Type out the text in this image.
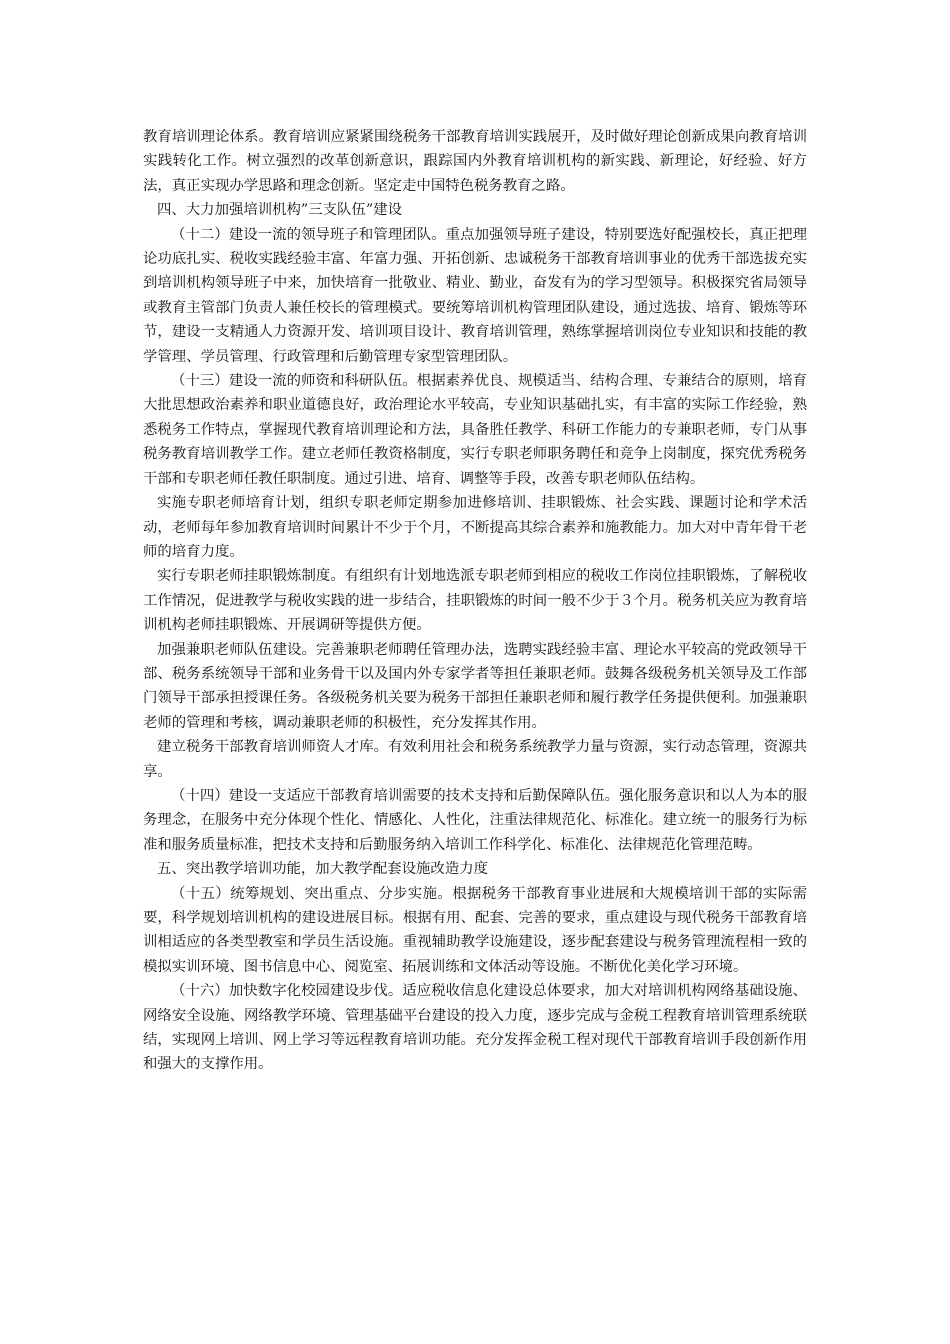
教育培训理论体系。教育培训应紧紧围绕税务干部教育培训实践展开，及时做好理论创新成果向教育培训实践转化工作。树立强烈的改革创新意识，跟踪国内外教育培训机构的新实践、新理论，好经验、好方法，真正实现办学思路和理念创新。坚定走中国特色税务教育之路。

四、大力加强培训机构”三支队伍”建设

（十二）建设一流的领导班子和管理团队。重点加强领导班子建设，特别要选好配强校长，真正把理论功底扎实、税收实践经验丰富、年富力强、开拓创新、忠诚税务干部教育培训事业的优秀干部选拔充实到培训机构领导班子中来，加快培育一批敬业、精业、勤业，奋发有为的学习型领导。积极探究省局领导或教育主管部门负责人兼任校长的管理模式。要统筹培训机构管理团队建设，通过选拔、培育、锻炼等环节，建设一支精通人力资源开发、培训项目设计、教育培训管理，熟练掌握培训岗位专业知识和技能的教学管理、学员管理、行政管理和后勤管理专家型管理团队。

（十三）建设一流的师资和科研队伍。根据素养优良、规模适当、结构合理、专兼结合的原则，培育大批思想政治素养和职业道德良好，政治理论水平较高，专业知识基础扎实，有丰富的实际工作经验，熟悉税务工作特点，掌握现代教育培训理论和方法，具备胜任教学、科研工作能力的专兼职老师，专门从事税务教育培训教学工作。建立老师任教资格制度，实行专职老师职务聘任和竞争上岗制度，探究优秀税务干部和专职老师任教任职制度。通过引进、培育、调整等手段，改善专职老师队伍结构。

实施专职老师培育计划，组织专职老师定期参加进修培训、挂职锻炼、社会实践、课题讨论和学术活动，老师每年参加教育培训时间累计不少于个月，不断提高其综合素养和施教能力。加大对中青年骨干老师的培育力度。

实行专职老师挂职锻炼制度。有组织有计划地选派专职老师到相应的税收工作岗位挂职锻炼，了解税收工作情况，促进教学与税收实践的进一步结合，挂职锻炼的时间一般不少于３个月。税务机关应为教育培训机构老师挂职锻炼、开展调研等提供方便。

加强兼职老师队伍建设。完善兼职老师聘任管理办法，选聘实践经验丰富、理论水平较高的党政领导干部、税务系统领导干部和业务骨干以及国内外专家学者等担任兼职老师。鼓舞各级税务机关领导及工作部门领导干部承担授课任务。各级税务机关要为税务干部担任兼职老师和履行教学任务提供便利。加强兼职老师的管理和考核，调动兼职老师的积极性，充分发挥其作用。

建立税务干部教育培训师资人才库。有效利用社会和税务系统教学力量与资源，实行动态管理，资源共享。

（十四）建设一支适应干部教育培训需要的技术支持和后勤保障队伍。强化服务意识和以人为本的服务理念，在服务中充分体现个性化、情感化、人性化，注重法律规范化、标准化。建立统一的服务行为标准和服务质量标准，把技术支持和后勤服务纳入培训工作科学化、标准化、法律规范化管理范畴。

五、突出教学培训功能，加大教学配套设施改造力度

（十五）统筹规划、突出重点、分步实施。根据税务干部教育事业进展和大规模培训干部的实际需要，科学规划培训机构的建设进展目标。根据有用、配套、完善的要求，重点建设与现代税务干部教育培训相适应的各类型教室和学员生活设施。重视辅助教学设施建设，逐步配套建设与税务管理流程相一致的模拟实训环境、图书信息中心、阅览室、拓展训练和文体活动等设施。不断优化美化学习环境。

（十六）加快数字化校园建设步伐。适应税收信息化建设总体要求，加大对培训机构网络基础设施、网络安全设施、网络教学环境、管理基础平台建设的投入力度，逐步完成与金税工程教育培训管理系统联结，实现网上培训、网上学习等远程教育培训功能。充分发挥金税工程对现代干部教育培训手段创新作用和强大的支撑作用。
